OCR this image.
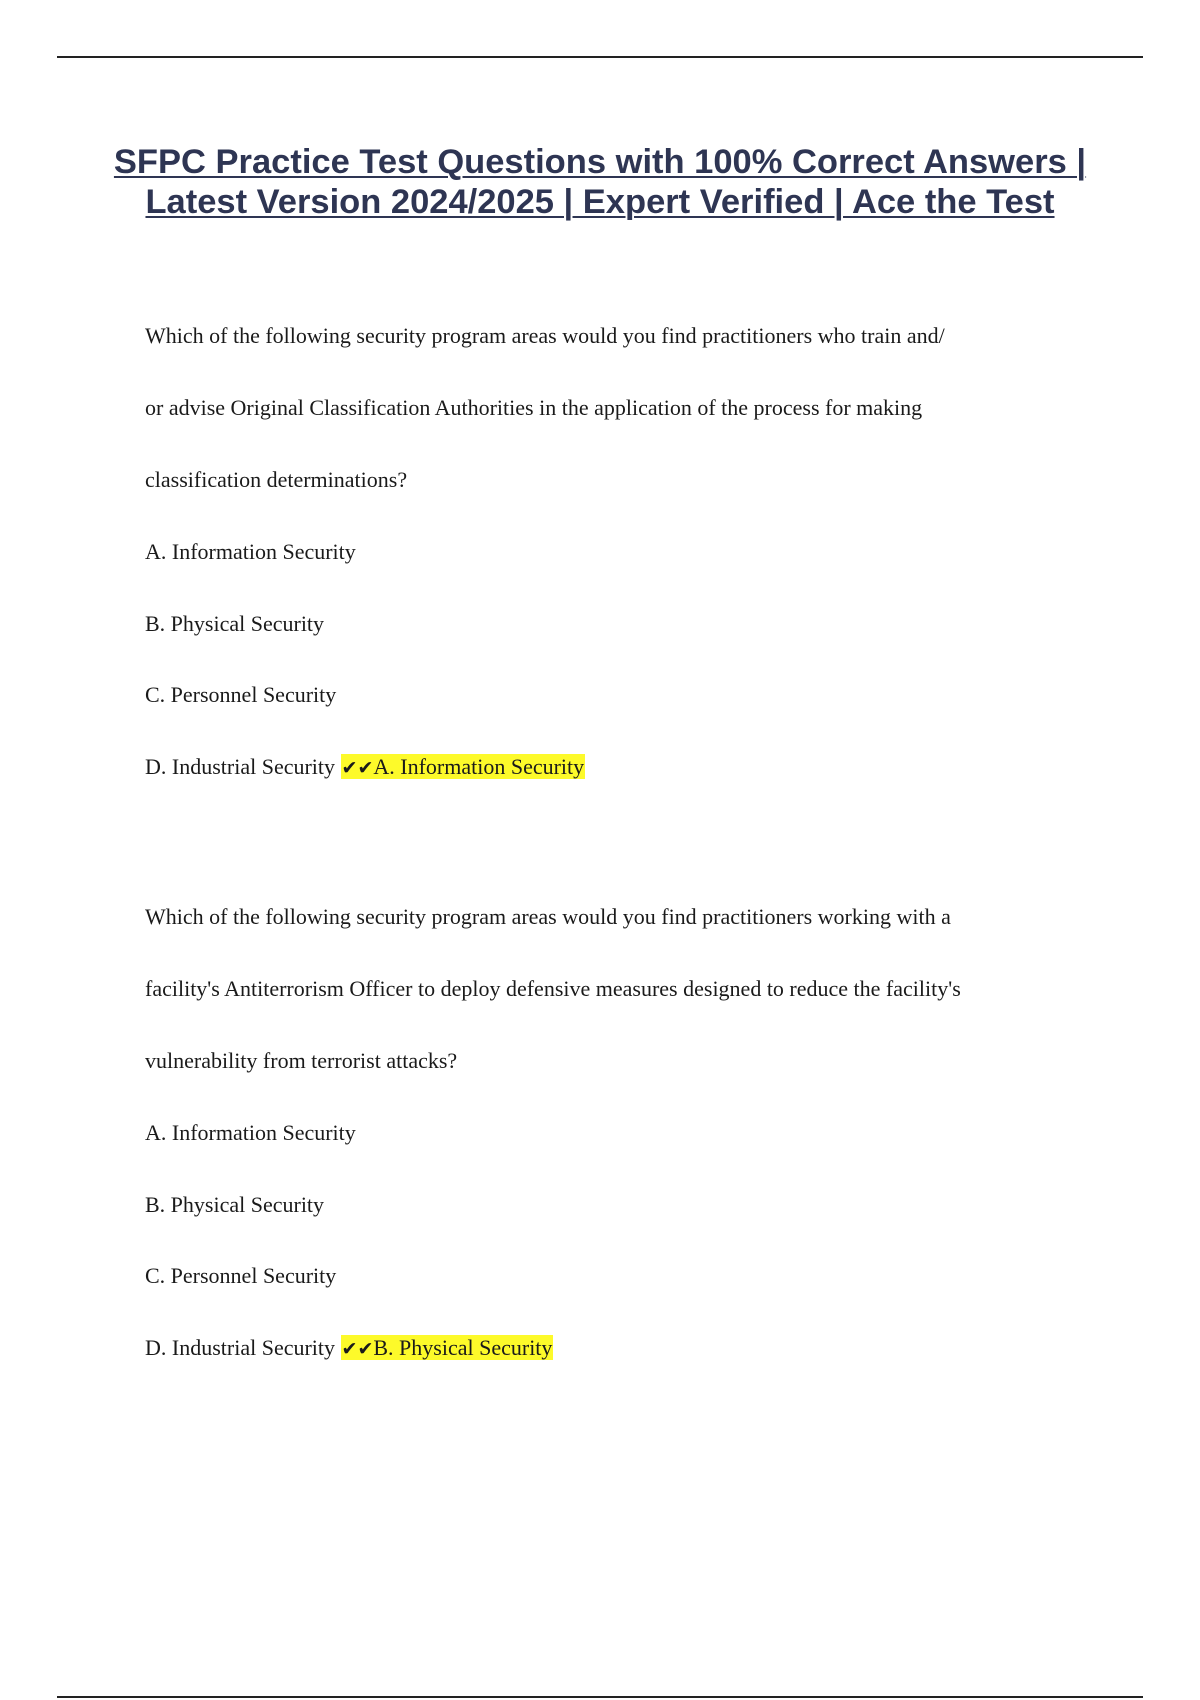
SFPC Practice Test Questions with 100% Correct Answers | Latest Version 2024/2025 | Expert Verified | Ace the Test

Which of the following security program areas would you find practitioners who train and/

or advise Original Classification Authorities in the application of the process for making

classification determinations?

A. Information Security

B. Physical Security

C. Personnel Security

D. Industrial Security ✔✔A. Information Security

Which of the following security program areas would you find practitioners working with a

facility's Antiterrorism Officer to deploy defensive measures designed to reduce the facility's

vulnerability from terrorist attacks?

A. Information Security

B. Physical Security

C. Personnel Security

D. Industrial Security ✔✔B. Physical Security
